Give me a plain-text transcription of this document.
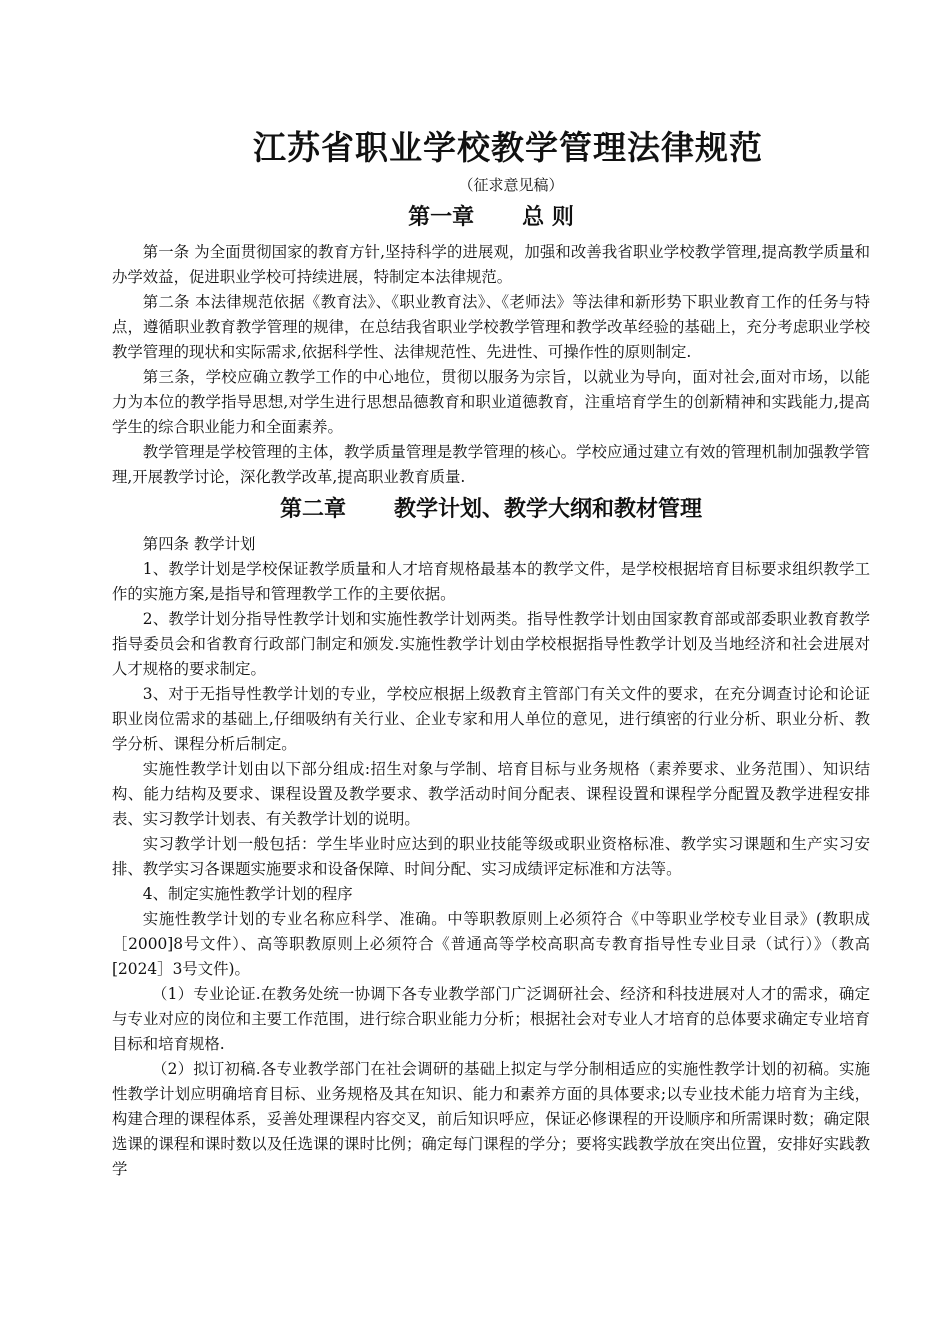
江苏省职业学校教学管理法律规范
（征求意见稿）
第一章 总 则

第一条 为全面贯彻国家的教育方针,坚持科学的进展观，加强和改善我省职业学校教学管理,提高教学质量和办学效益，促进职业学校可持续进展，特制定本法律规范。

第二条 本法律规范依据《教育法》、《职业教育法》、《老师法》等法律和新形势下职业教育工作的任务与特点，遵循职业教育教学管理的规律，在总结我省职业学校教学管理和教学改革经验的基础上，充分考虑职业学校教学管理的现状和实际需求,依据科学性、法律规范性、先进性、可操作性的原则制定.

第三条，学校应确立教学工作的中心地位，贯彻以服务为宗旨，以就业为导向，面对社会,面对市场，以能力为本位的教学指导思想,对学生进行思想品德教育和职业道德教育，注重培育学生的创新精神和实践能力,提高学生的综合职业能力和全面素养。

教学管理是学校管理的主体，教学质量管理是教学管理的核心。学校应通过建立有效的管理机制加强教学管理,开展教学讨论，深化教学改革,提高职业教育质量.

第二章 教学计划、教学大纲和教材管理

第四条 教学计划

1、教学计划是学校保证教学质量和人才培育规格最基本的教学文件，是学校根据培育目标要求组织教学工作的实施方案,是指导和管理教学工作的主要依据。

2、教学计划分指导性教学计划和实施性教学计划两类。指导性教学计划由国家教育部或部委职业教育教学指导委员会和省教育行政部门制定和颁发.实施性教学计划由学校根据指导性教学计划及当地经济和社会进展对人才规格的要求制定。

3、对于无指导性教学计划的专业，学校应根据上级教育主管部门有关文件的要求，在充分调查讨论和论证职业岗位需求的基础上,仔细吸纳有关行业、企业专家和用人单位的意见，进行缜密的行业分析、职业分析、教学分析、课程分析后制定。

实施性教学计划由以下部分组成:招生对象与学制、培育目标与业务规格（素养要求、业务范围）、知识结构、能力结构及要求、课程设置及教学要求、教学活动时间分配表、课程设置和课程学分配置及教学进程安排表、实习教学计划表、有关教学计划的说明。

实习教学计划一般包括：学生毕业时应达到的职业技能等级或职业资格标准、教学实习课题和生产实习安排、教学实习各课题实施要求和设备保障、时间分配、实习成绩评定标准和方法等。

4、制定实施性教学计划的程序

实施性教学计划的专业名称应科学、准确。中等职教原则上必须符合《中等职业学校专业目录》(教职成［2000]8号文件）、高等职教原则上必须符合《普通高等学校高职高专教育指导性专业目录（试行）》（教高[2024］3号文件)。

（1）专业论证.在教务处统一协调下各专业教学部门广泛调研社会、经济和科技进展对人才的需求，确定与专业对应的岗位和主要工作范围，进行综合职业能力分析；根据社会对专业人才培育的总体要求确定专业培育目标和培育规格.

（2）拟订初稿.各专业教学部门在社会调研的基础上拟定与学分制相适应的实施性教学计划的初稿。实施性教学计划应明确培育目标、业务规格及其在知识、能力和素养方面的具体要求;以专业技术能力培育为主线，构建合理的课程体系，妥善处理课程内容交叉，前后知识呼应，保证必修课程的开设顺序和所需课时数；确定限选课的课程和课时数以及任选课的课时比例；确定每门课程的学分；要将实践教学放在突出位置，安排好实践教学
